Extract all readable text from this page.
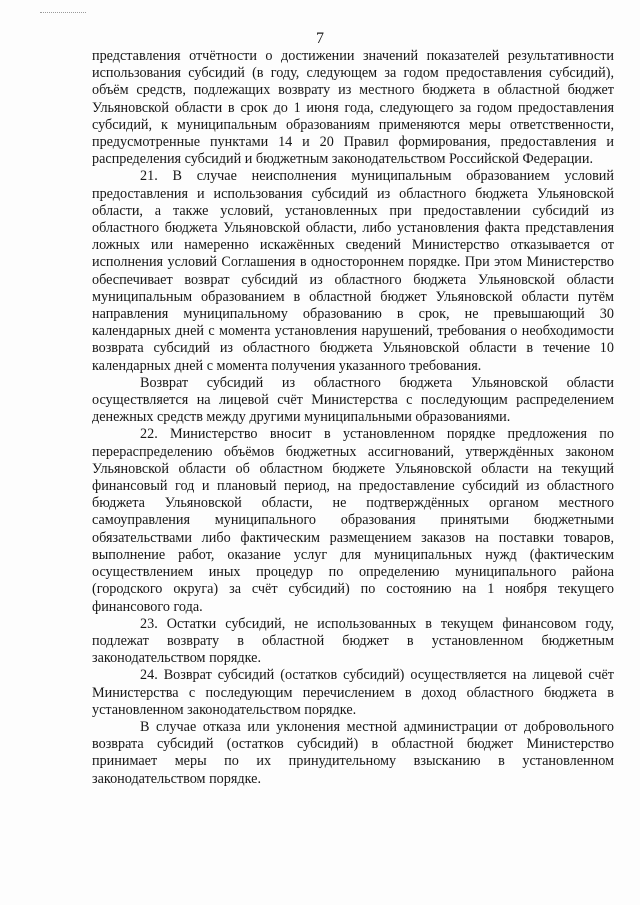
7

представления отчётности о достижении значений показателей результативности использования субсидий (в году, следующем за годом предоставления субсидий), объём средств, подлежащих возврату из местного бюджета в областной бюджет Ульяновской области в срок до 1 июня года, следующего за годом предоставления субсидий, к муниципальным образованиям применяются меры ответственности, предусмотренные пунктами 14 и 20 Правил формирования, предоставления и распределения субсидий и бюджетным законодательством Российской Федерации.

21. В случае неисполнения муниципальным образованием условий предоставления и использования субсидий из областного бюджета Ульяновской области, а также условий, установленных при предоставлении субсидий из областного бюджета Ульяновской области, либо установления факта представления ложных или намеренно искажённых сведений Министерство отказывается от исполнения условий Соглашения в одностороннем порядке. При этом Министерство обеспечивает возврат субсидий из областного бюджета Ульяновской области муниципальным образованием в областной бюджет Ульяновской области путём направления муниципальному образованию в срок, не превышающий 30 календарных дней с момента установления нарушений, требования о необходимости возврата субсидий из областного бюджета Ульяновской области в течение 10 календарных дней с момента получения указанного требования.

Возврат субсидий из областного бюджета Ульяновской области осуществляется на лицевой счёт Министерства с последующим распределением денежных средств между другими муниципальными образованиями.

22. Министерство вносит в установленном порядке предложения по перераспределению объёмов бюджетных ассигнований, утверждённых законом Ульяновской области об областном бюджете Ульяновской области на текущий финансовый год и плановый период, на предоставление субсидий из областного бюджета Ульяновской области, не подтверждённых органом местного самоуправления муниципального образования принятыми бюджетными обязательствами либо фактическим размещением заказов на поставки товаров, выполнение работ, оказание услуг для муниципальных нужд (фактическим осуществлением иных процедур по определению муниципального района (городского округа) за счёт субсидий) по состоянию на 1 ноября текущего финансового года.

23. Остатки субсидий, не использованных в текущем финансовом году, подлежат возврату в областной бюджет в установленном бюджетным законодательством порядке.

24. Возврат субсидий (остатков субсидий) осуществляется на лицевой счёт Министерства с последующим перечислением в доход областного бюджета в установленном законодательством порядке.

В случае отказа или уклонения местной администрации от добровольного возврата субсидий (остатков субсидий) в областной бюджет Министерство принимает меры по их принудительному взысканию в установленном законодательством порядке.
